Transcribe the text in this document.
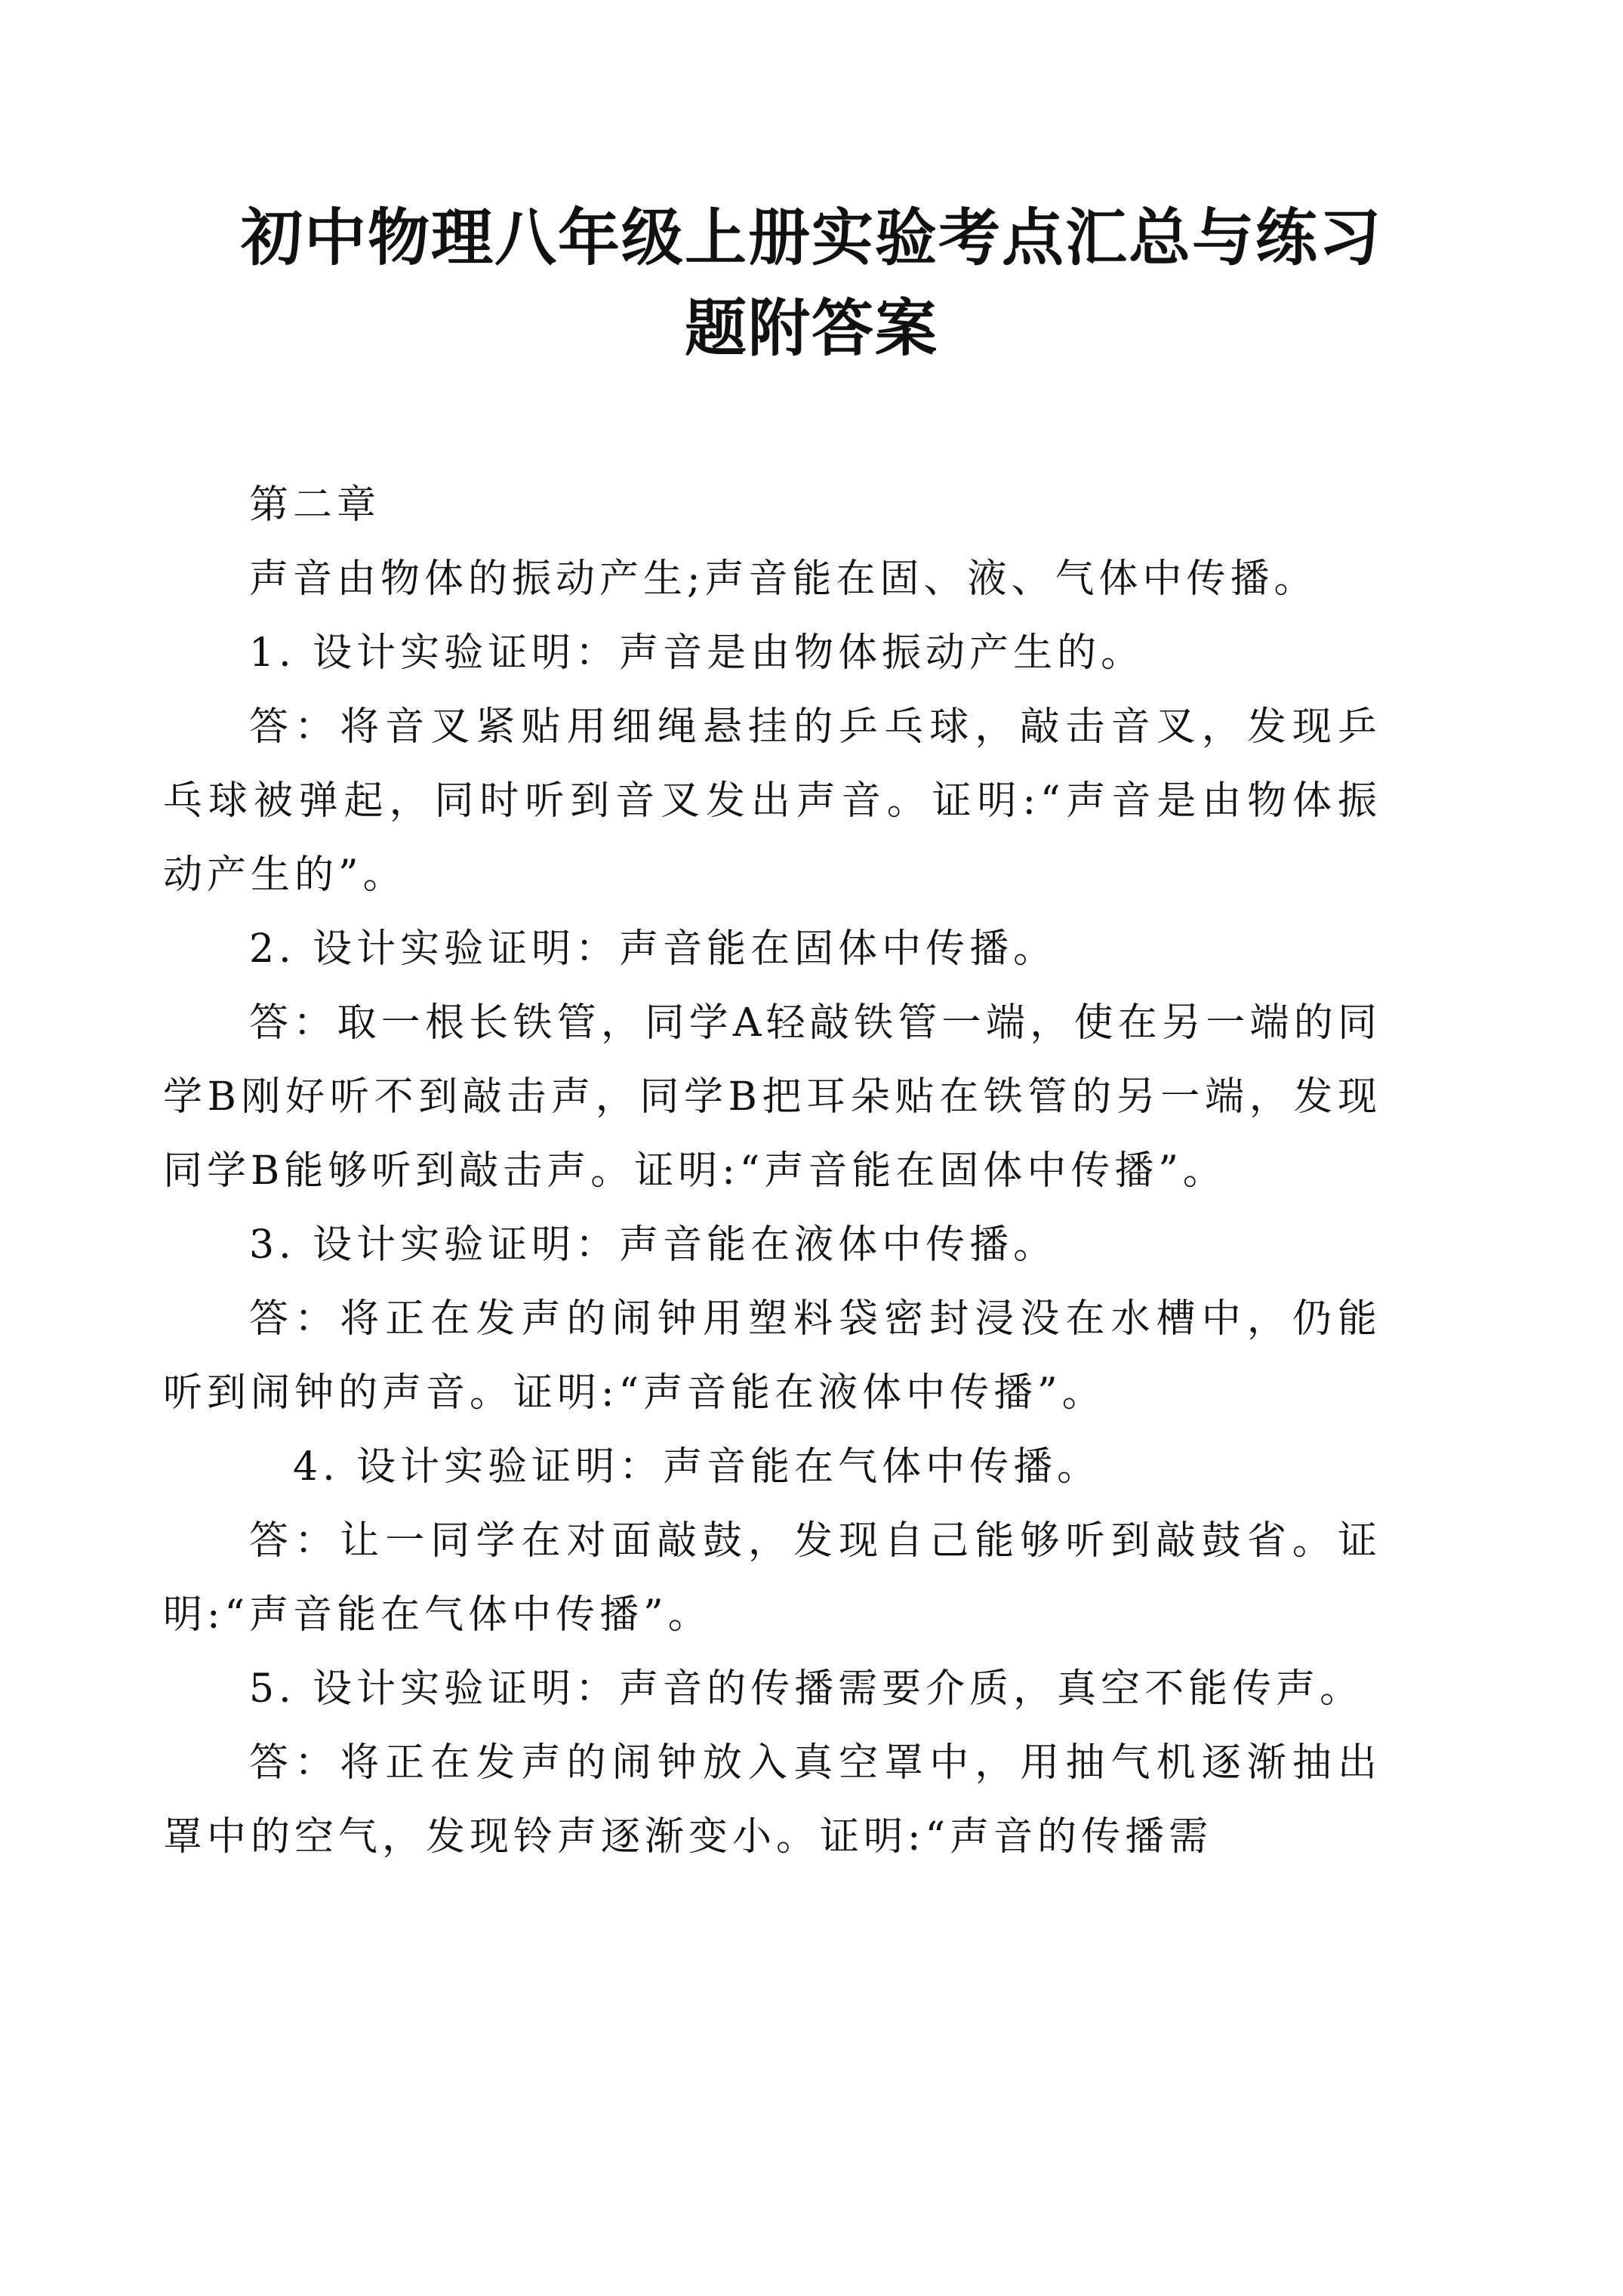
初中物理八年级上册实验考点汇总与练习
题附答案

第二章

声音由物体的振动产生;声音能在固、液、气体中传播。

1. 设计实验证明：声音是由物体振动产生的。

答：将音叉紧贴用细绳悬挂的乒乓球，敲击音叉，发现乒乓球被弹起，同时听到音叉发出声音。证明:“声音是由物体振动产生的”。

2. 设计实验证明：声音能在固体中传播。

答：取一根长铁管，同学A轻敲铁管一端，使在另一端的同学B刚好听不到敲击声，同学B把耳朵贴在铁管的另一端，发现同学B能够听到敲击声。证明:“声音能在固体中传播”。

3. 设计实验证明：声音能在液体中传播。

答：将正在发声的闹钟用塑料袋密封浸没在水槽中，仍能听到闹钟的声音。证明:“声音能在液体中传播”。

4. 设计实验证明：声音能在气体中传播。

答：让一同学在对面敲鼓，发现自己能够听到敲鼓省。证明:“声音能在气体中传播”。

5. 设计实验证明：声音的传播需要介质，真空不能传声。

答：将正在发声的闹钟放入真空罩中，用抽气机逐渐抽出罩中的空气，发现铃声逐渐变小。证明:“声音的传播需
